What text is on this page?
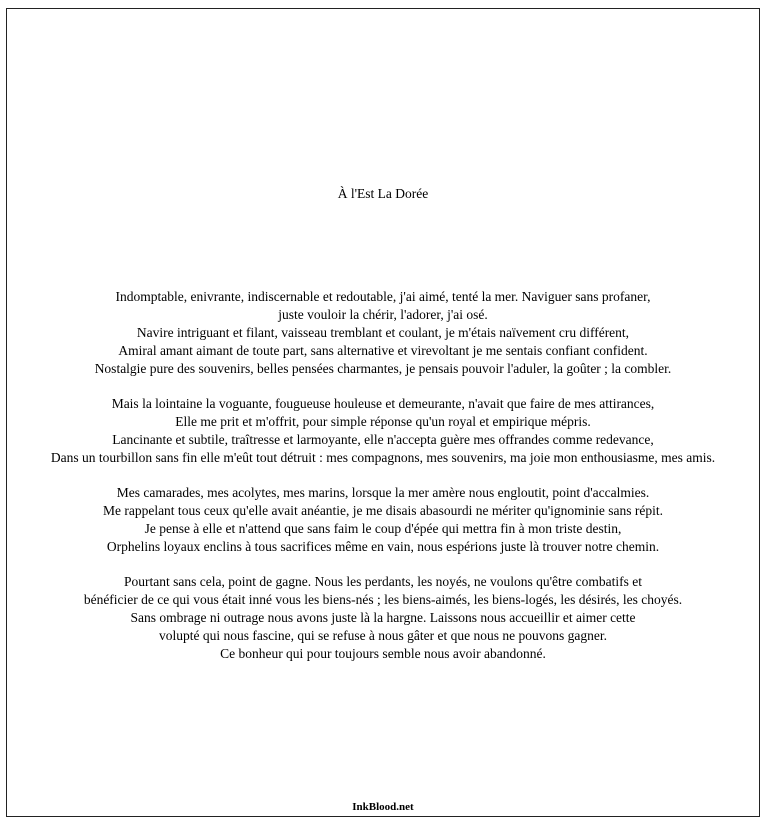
À l'Est La Dorée
Indomptable, enivrante, indiscernable et redoutable, j'ai aimé, tenté la mer. Naviguer sans profaner,
juste vouloir la chérir, l'adorer, j'ai osé.
Navire intriguant et filant, vaisseau tremblant et coulant, je m'étais naïvement cru différent,
Amiral amant aimant de toute part, sans alternative et virevoltant je me sentais confiant confident.
Nostalgie pure des souvenirs, belles pensées charmantes, je pensais pouvoir l'aduler, la goûter ; la combler.
Mais la lointaine la voguante, fougueuse houleuse et demeurante, n'avait que faire de mes attirances,
Elle me prit et m'offrit, pour simple réponse qu'un royal et empirique mépris.
Lancinante et subtile, traîtresse et larmoyante, elle n'accepta guère mes offrandes comme redevance,
Dans un tourbillon sans fin elle m'eût tout détruit : mes compagnons, mes souvenirs, ma joie mon enthousiasme, mes amis.
Mes camarades, mes acolytes, mes marins, lorsque la mer amère nous engloutit, point d'accalmies.
Me rappelant tous ceux qu'elle avait anéantie, je me disais abasourdi ne mériter qu'ignominie sans répit.
Je pense à elle et n'attend que sans faim le coup d'épée qui mettra fin à mon triste destin,
Orphelins loyaux enclins à tous sacrifices même en vain, nous espérions juste là trouver notre chemin.
Pourtant sans cela, point de gagne. Nous les perdants, les noyés, ne voulons qu'être combatifs et
bénéficier de ce qui vous était inné vous les biens-nés ; les biens-aimés, les biens-logés, les désirés, les choyés.
Sans ombrage ni outrage nous avons juste là la hargne. Laissons nous accueillir et aimer cette
volupté qui nous fascine, qui se refuse à nous gâter et que nous ne pouvons gagner.
Ce bonheur qui pour toujours semble nous avoir abandonné.
InkBlood.net
